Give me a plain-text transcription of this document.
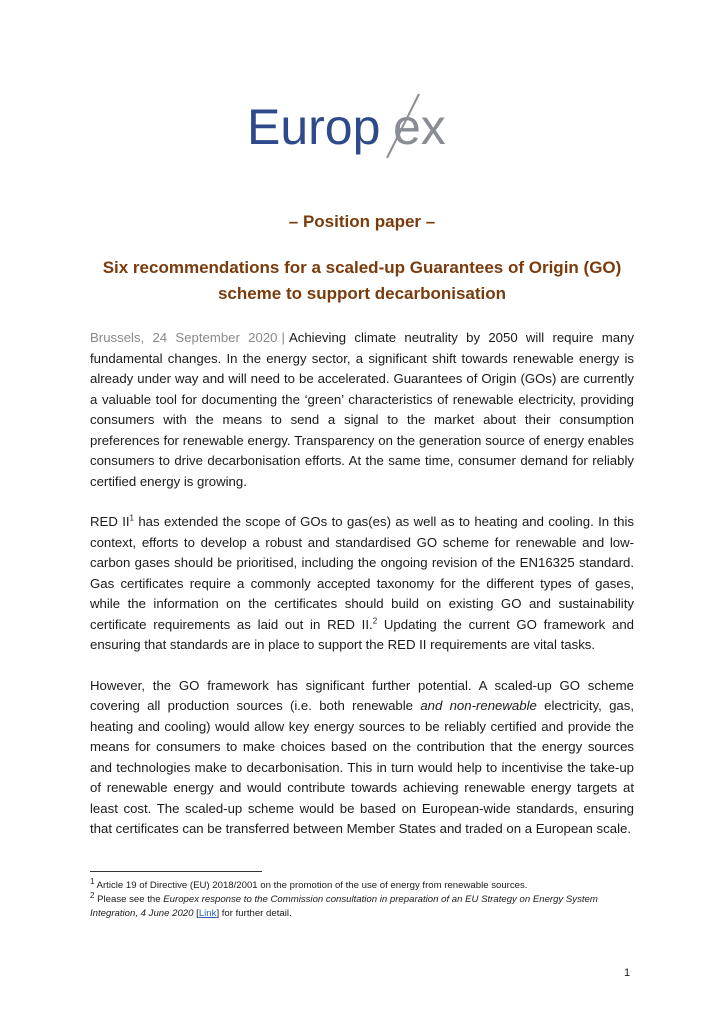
Europ ex
– Position paper –
Six recommendations for a scaled-up Guarantees of Origin (GO)
scheme to support decarbonisation

Brussels, 24 September 2020 | Achieving climate neutrality by 2050 will require many fundamental changes. In the energy sector, a significant shift towards renewable energy is already under way and will need to be accelerated. Guarantees of Origin (GOs) are currently a valuable tool for documenting the ‘green’ characteristics of renewable electricity, providing consumers with the means to send a signal to the market about their consumption preferences for renewable energy. Transparency on the generation source of energy enables consumers to drive decarbonisation efforts. At the same time, consumer demand for reliably certified energy is growing.

RED $II^1$ has extended the scope of GOs to gas(es) as well as to heating and cooling. In this context, efforts to develop a robust and standardised GO scheme for renewable and low-carbon gases should be prioritised, including the ongoing revision of the EN16325 standard. Gas certificates require a commonly accepted taxonomy for the different types of gases, while the information on the certificates should build on existing GO and sustainability certificate requirements as laid out in RED II.$^2$ Updating the current GO framework and ensuring that standards are in place to support the RED II requirements are vital tasks.

However, the GO framework has significant further potential. A scaled-up GO scheme covering all production sources (i.e. both renewable and non-renewable electricity, gas, heating and cooling) would allow key energy sources to be reliably certified and provide the means for consumers to make choices based on the contribution that the energy sources and technologies make to decarbonisation. This in turn would help to incentivise the take-up of renewable energy and would contribute towards achieving renewable energy targets at least cost. The scaled-up scheme would be based on European-wide standards, ensuring that certificates can be transferred between Member States and traded on a European scale.

$^1$ Article 19 of Directive (EU) 2018/2001 on the promotion of the use of energy from renewable sources.
$^2$ Please see the Europex response to the Commission consultation in preparation of an EU Strategy on Energy System Integration, 4 June 2020 [Link] for further detail.
1
